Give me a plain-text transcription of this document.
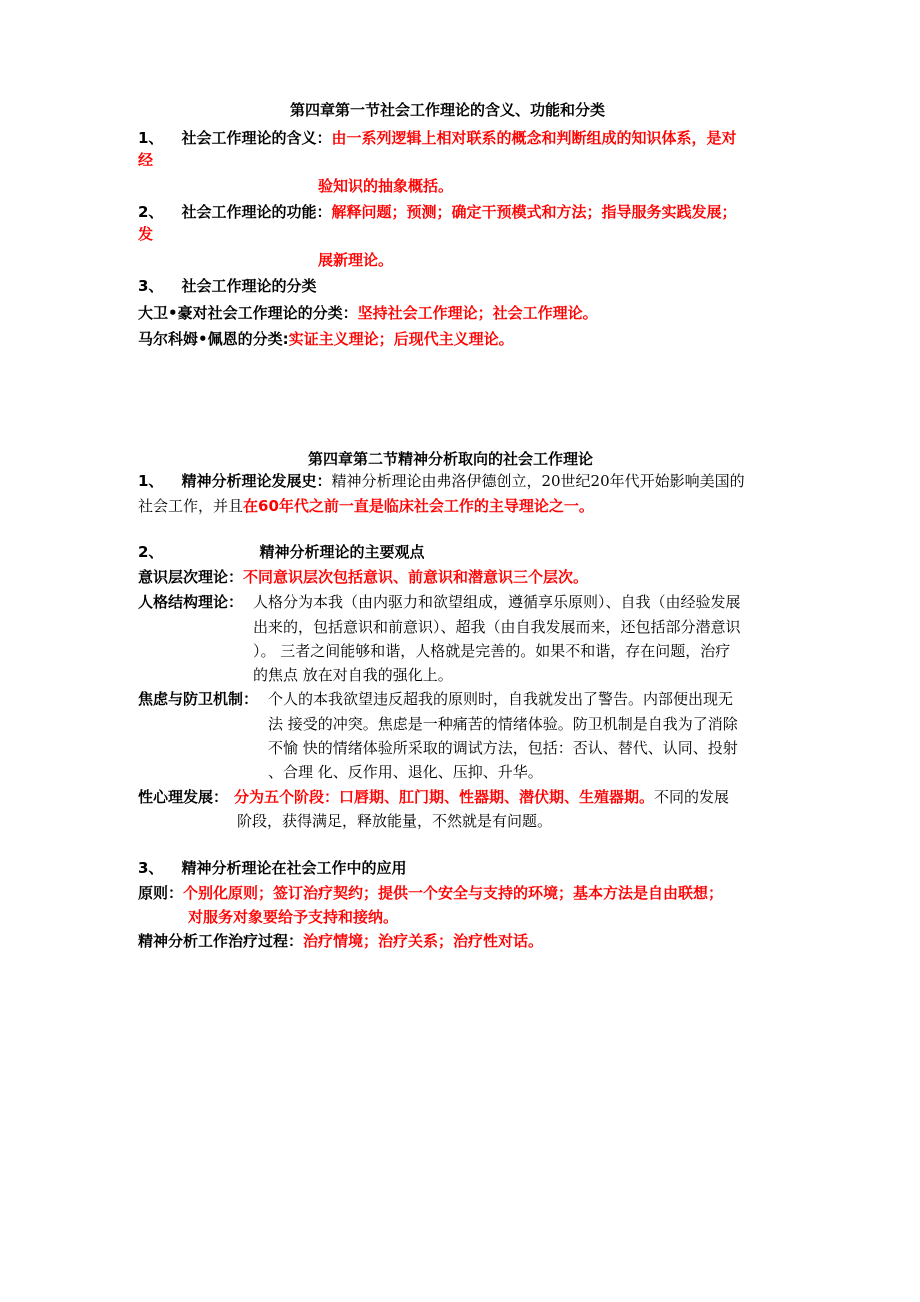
第四章第一节社会工作理论的含义、功能和分类
1、 社会工作理论的含义：由一系列逻辑上相对联系的概念和判断组成的知识体系，是对
经
验知识的抽象概括。
2、 社会工作理论的功能：解释问题；预测；确定干预模式和方法；指导服务实践发展；
发
展新理论。
3、 社会工作理论的分类
大卫•豪对社会工作理论的分类：坚持社会工作理论；社会工作理论。
马尔科姆•佩恩的分类:实证主义理论；后现代主义理论。
第四章第二节精神分析取向的社会工作理论
1、 精神分析理论发展史：精神分析理论由弗洛伊德创立，20世纪20年代开始影响美国的
社会工作，并且在60年代之前一直是临床社会工作的主导理论之一。
2、	精神分析理论的主要观点
意识层次理论：不同意识层次包括意识、前意识和潜意识三个层次。
人格结构理论： 人格分为本我（由内驱力和欲望组成，遵循享乐原则）、自我（由经验发展
出来的，包括意识和前意识）、超我（由自我发展而来，还包括部分潜意识
）。 三者之间能够和谐，人格就是完善的。如果不和谐，存在问题，治疗
的焦点 放在对自我的强化上。
焦虑与防卫机制： 个人的本我欲望违反超我的原则时，自我就发出了警告。内部便出现无
法 接受的冲突。焦虑是一种痛苦的情绪体验。防卫机制是自我为了消除
不愉 快的情绪体验所采取的调试方法，包括：否认、替代、认同、投射
、合理 化、反作用、退化、压抑、升华。
性心理发展： 分为五个阶段：口唇期、肛门期、性器期、潜伏期、生殖器期。不同的发展
阶段，获得满足，释放能量，不然就是有问题。
3、 精神分析理论在社会工作中的应用
原则：个别化原则；签订治疗契约；提供一个安全与支持的环境；基本方法是自由联想；
对服务对象要给予支持和接纳。
精神分析工作治疗过程：治疗情境；治疗关系；治疗性对话。
